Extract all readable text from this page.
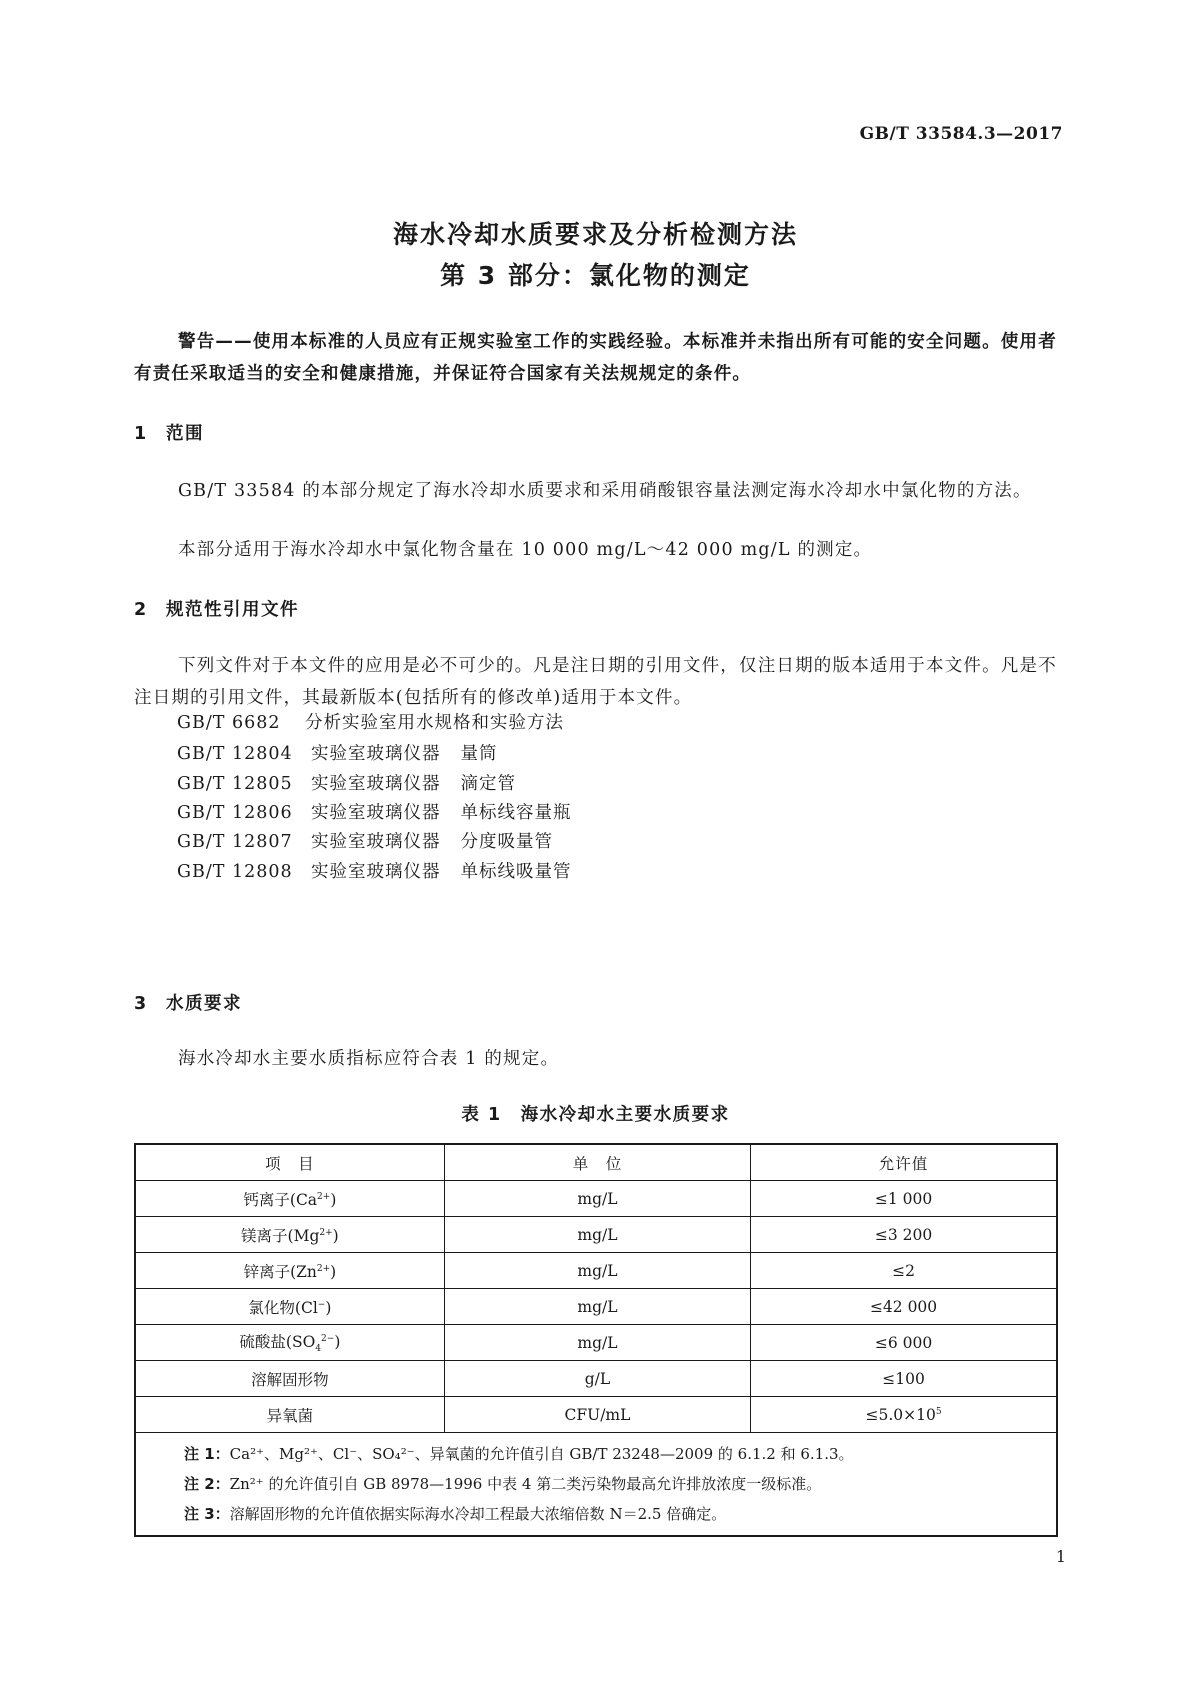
GB/T 33584.3—2017
海水冷却水质要求及分析检测方法
第 3 部分：氯化物的测定
警告——使用本标准的人员应有正规实验室工作的实践经验。本标准并未指出所有可能的安全问题。使用者有责任采取适当的安全和健康措施，并保证符合国家有关法规规定的条件。
1 范围
GB/T 33584 的本部分规定了海水冷却水质要求和采用硝酸银容量法测定海水冷却水中氯化物的方法。
本部分适用于海水冷却水中氯化物含量在 10 000 mg/L～42 000 mg/L 的测定。
2 规范性引用文件
下列文件对于本文件的应用是必不可少的。凡是注日期的引用文件，仅注日期的版本适用于本文件。凡是不注日期的引用文件，其最新版本(包括所有的修改单)适用于本文件。
GB/T 6682 分析实验室用水规格和实验方法
GB/T 12804 实验室玻璃仪器 量筒
GB/T 12805 实验室玻璃仪器 滴定管
GB/T 12806 实验室玻璃仪器 单标线容量瓶
GB/T 12807 实验室玻璃仪器 分度吸量管
GB/T 12808 实验室玻璃仪器 单标线吸量管
3 水质要求
海水冷却水主要水质指标应符合表 1 的规定。
表 1　海水冷却水主要水质要求
项　目	单　位	允许值
钙离子$(Ca^{2+})$	mg/L	≤1 000
镁离子$(Mg^{2+})$	mg/L	≤3 200
锌离子$(Zn^{2+})$	mg/L	≤2
氯化物(Cl−)	mg/L	≤42 000
硫酸盐$(SO_4^{2-})$	mg/L	≤6 000
溶解固形物	g/L	≤100
异氧菌	CFU/mL	$\le 5.0\times 10^5$

注 1：Ca²⁺、Mg²⁺、Cl⁻、SO₄²⁻、异氧菌的允许值引自 GB/T 23248—2009 的 6.1.2 和 6.1.3。
注 2：Zn²⁺ 的允许值引自 GB 8978—1996 中表 4 第二类污染物最高允许排放浓度一级标准。
注 3：溶解固形物的允许值依据实际海水冷却工程最大浓缩倍数 N＝2.5 倍确定。		
1
